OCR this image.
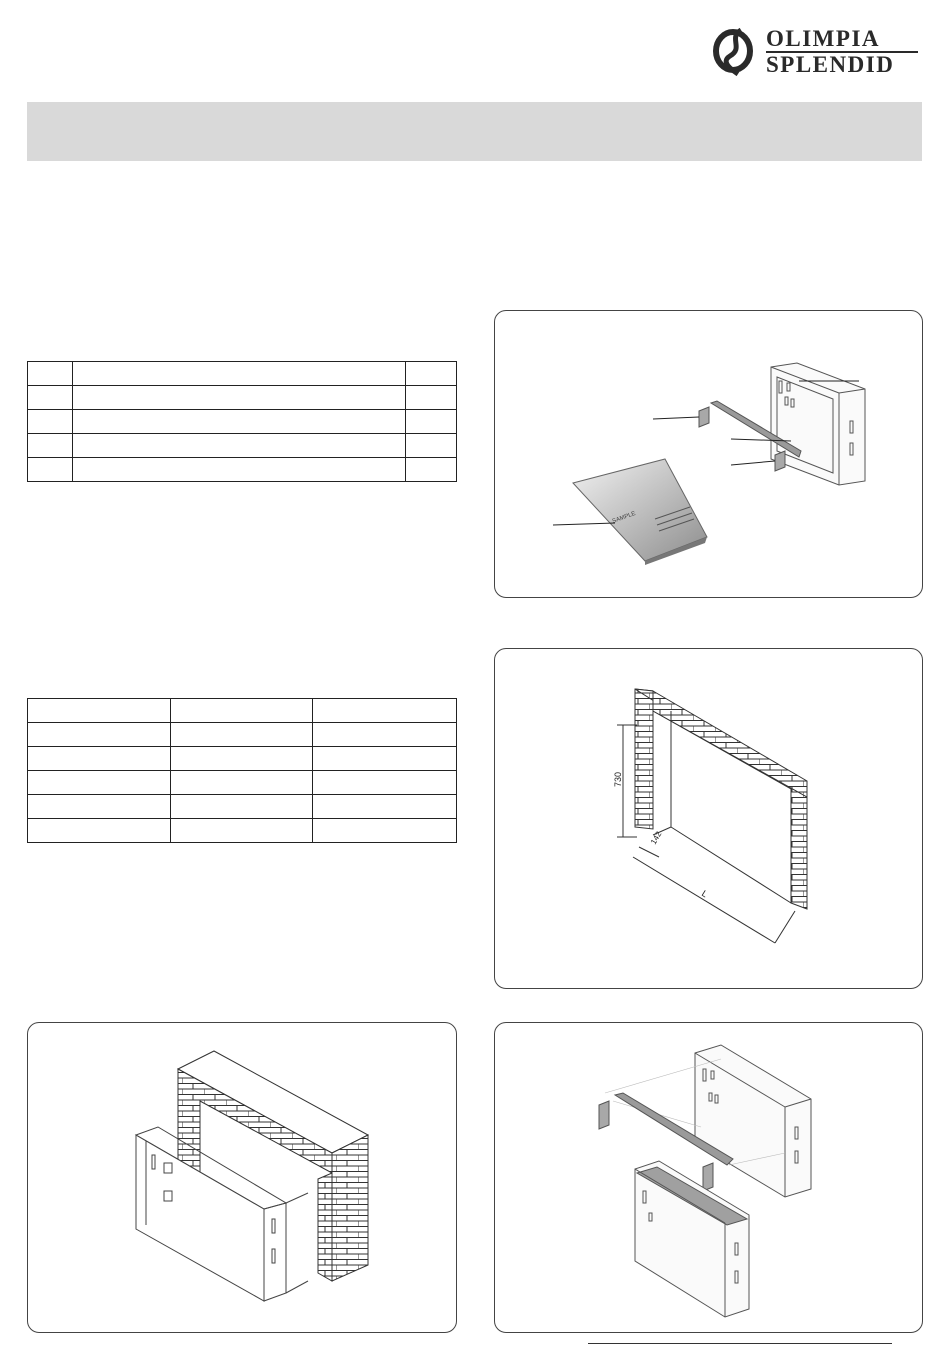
OLIMPIA
SPLENDID

SAMPLE
730
142
L
